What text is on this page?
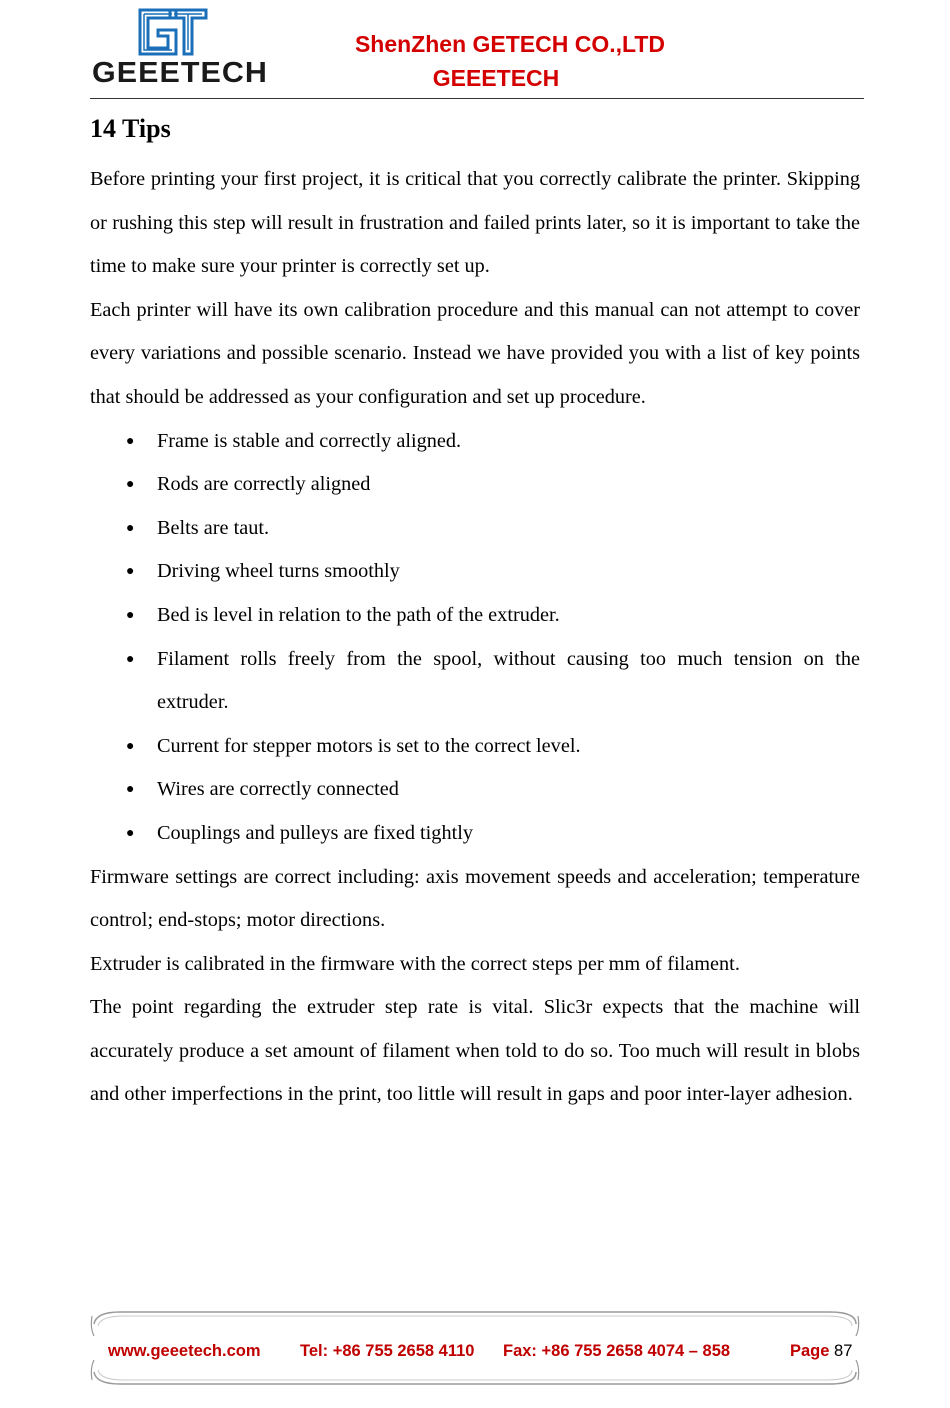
GEEETECH
ShenZhen GETECH CO.,LTD
GEEETECH
14 Tips

Before printing your first project, it is critical that you correctly calibrate the printer. Skipping or rushing this step will result in frustration and failed prints later, so it is important to take the time to make sure your printer is correctly set up.

Each printer will have its own calibration procedure and this manual can not attempt to cover every variations and possible scenario. Instead we have provided you with a list of key points that should be addressed as your configuration and set up procedure.

● Frame is stable and correctly aligned.
● Rods are correctly aligned
● Belts are taut.
● Driving wheel turns smoothly
● Bed is level in relation to the path of the extruder.
● Filament rolls freely from the spool, without causing too much tension on the extruder.
● Current for stepper motors is set to the correct level.
● Wires are correctly connected
● Couplings and pulleys are fixed tightly

Firmware settings are correct including: axis movement speeds and acceleration; temperature control; end-stops; motor directions.

Extruder is calibrated in the firmware with the correct steps per mm of filament.

The point regarding the extruder step rate is vital. Slic3r expects that the machine will accurately produce a set amount of filament when told to do so. Too much will result in blobs and other imperfections in the print, too little will result in gaps and poor inter-layer adhesion.

www.geeetech.com Tel: +86 755 2658 4110 Fax: +86 755 2658 4074 – 858	Page 87
